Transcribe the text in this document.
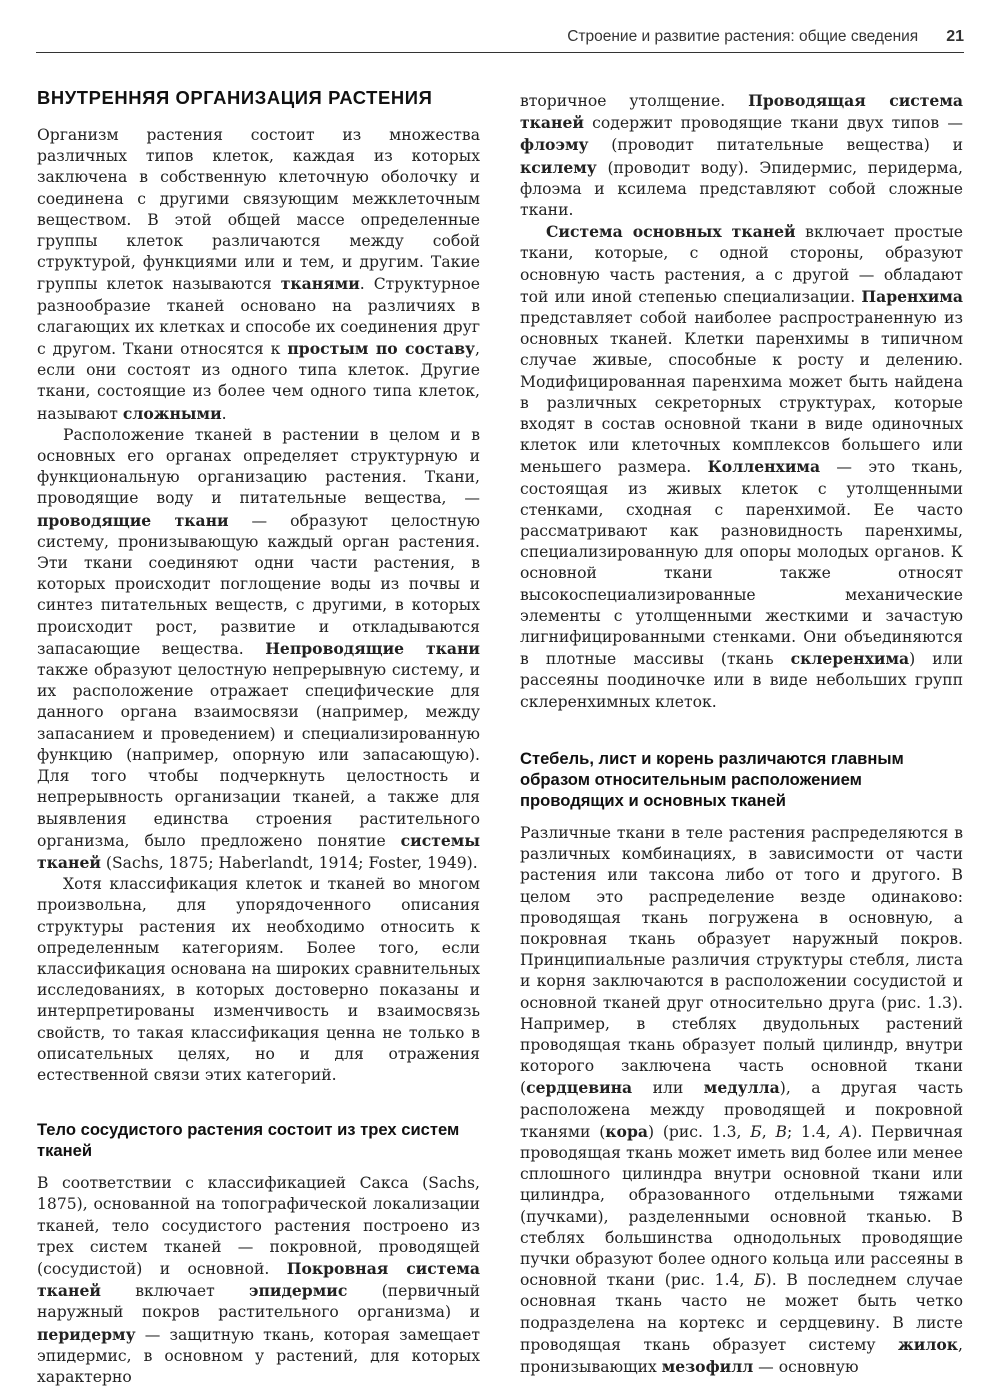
Строение и развитие растения: общие сведения 21
ВНУТРЕННЯЯ ОРГАНИЗАЦИЯ РАСТЕНИЯ

Организм растения состоит из множества различных типов клеток, каждая из которых заключена в собственную клеточную оболочку и соединена с другими связующим межклеточным веществом. В этой общей массе определенные группы клеток различаются между собой структурой, функциями или и тем, и другим. Такие группы клеток называются тканями. Структурное разнообразие тканей основано на различиях в слагающих их клетках и способе их соединения друг с другом. Ткани относятся к простым по составу, если они состоят из одного типа клеток. Другие ткани, состоящие из более чем одного типа клеток, называют сложными.

Расположение тканей в растении в целом и в основных его органах определяет структурную и функциональную организацию растения. Ткани, проводящие воду и питательные вещества, — проводящие ткани — образуют целостную систему, пронизывающую каждый орган растения. Эти ткани соединяют одни части растения, в которых происходит поглощение воды из почвы и синтез питательных веществ, с другими, в которых происходит рост, развитие и откладываются запасающие вещества. Непроводящие ткани также образуют целостную непрерывную систему, и их расположение отражает специфические для данного органа взаимосвязи (например, между запасанием и проведением) и специализированную функцию (например, опорную или запасающую). Для того чтобы подчеркнуть целостность и непрерывность организации тканей, а также для выявления единства строения растительного организма, было предложено понятие системы тканей (Sachs, 1875; Haberlandt, 1914; Foster, 1949).

Хотя классификация клеток и тканей во многом произвольна, для упорядоченного описания структуры растения их необходимо относить к определенным категориям. Более того, если классификация основана на широких сравнительных исследованиях, в которых достоверно показаны и интерпретированы изменчивость и взаимосвязь свойств, то такая классификация ценна не только в описательных целях, но и для отражения естественной связи этих категорий.

Тело сосудистого растения состоит из трех систем тканей

В соответствии с классификацией Сакса (Sachs, 1875), основанной на топографической локализации тканей, тело сосудистого растения построено из трех систем тканей — покровной, проводящей (сосудистой) и основной. Покровная система тканей включает эпидермис (первичный наружный покров растительного организма) и перидерму — защитную ткань, которая замещает эпидермис, в основном у растений, для которых характерно

вторичное утолщение. Проводящая система тканей содержит проводящие ткани двух типов — флоэму (проводит питательные вещества) и ксилему (проводит воду). Эпидермис, перидерма, флоэма и ксилема представляют собой сложные ткани.

Система основных тканей включает простые ткани, которые, с одной стороны, образуют основную часть растения, а с другой — обладают той или иной степенью специализации. Паренхима представляет собой наиболее распространенную из основных тканей. Клетки паренхимы в типичном случае живые, способные к росту и делению. Модифицированная паренхима может быть найдена в различных секреторных структурах, которые входят в состав основной ткани в виде одиночных клеток или клеточных комплексов большего или меньшего размера. Колленхима — это ткань, состоящая из живых клеток с утолщенными стенками, сходная с паренхимой. Ее часто рассматривают как разновидность паренхимы, специализированную для опоры молодых органов. К основной ткани также относят высокоспециализированные механические элементы с утолщенными жесткими и зачастую лигнифицированными стенками. Они объединяются в плотные массивы (ткань склеренхима) или рассеяны поодиночке или в виде небольших групп склеренхимных клеток.

Стебель, лист и корень различаются главным образом относительным расположением проводящих и основных тканей

Различные ткани в теле растения распределяются в различных комбинациях, в зависимости от части растения или таксона либо от того и другого. В целом это распределение везде одинаково: проводящая ткань погружена в основную, а покровная ткань образует наружный покров. Принципиальные различия структуры стебля, листа и корня заключаются в расположении сосудистой и основной тканей друг относительно друга (рис. 1.3). Например, в стеблях двудольных растений проводящая ткань образует полый цилиндр, внутри которого заключена часть основной ткани (сердцевина или медулла), а другая часть расположена между проводящей и покровной тканями (кора) (рис. 1.3, Б, В; 1.4, А). Первичная проводящая ткань может иметь вид более или менее сплошного цилиндра внутри основной ткани или цилиндра, образованного отдельными тяжами (пучками), разделенными основной тканью. В стеблях большинства однодольных проводящие пучки образуют более одного кольца или рассеяны в основной ткани (рис. 1.4, Б). В последнем случае основная ткань часто не может быть четко подразделена на кортекс и сердцевину. В листе проводящая ткань образует систему жилок, пронизывающих мезофилл — основную
